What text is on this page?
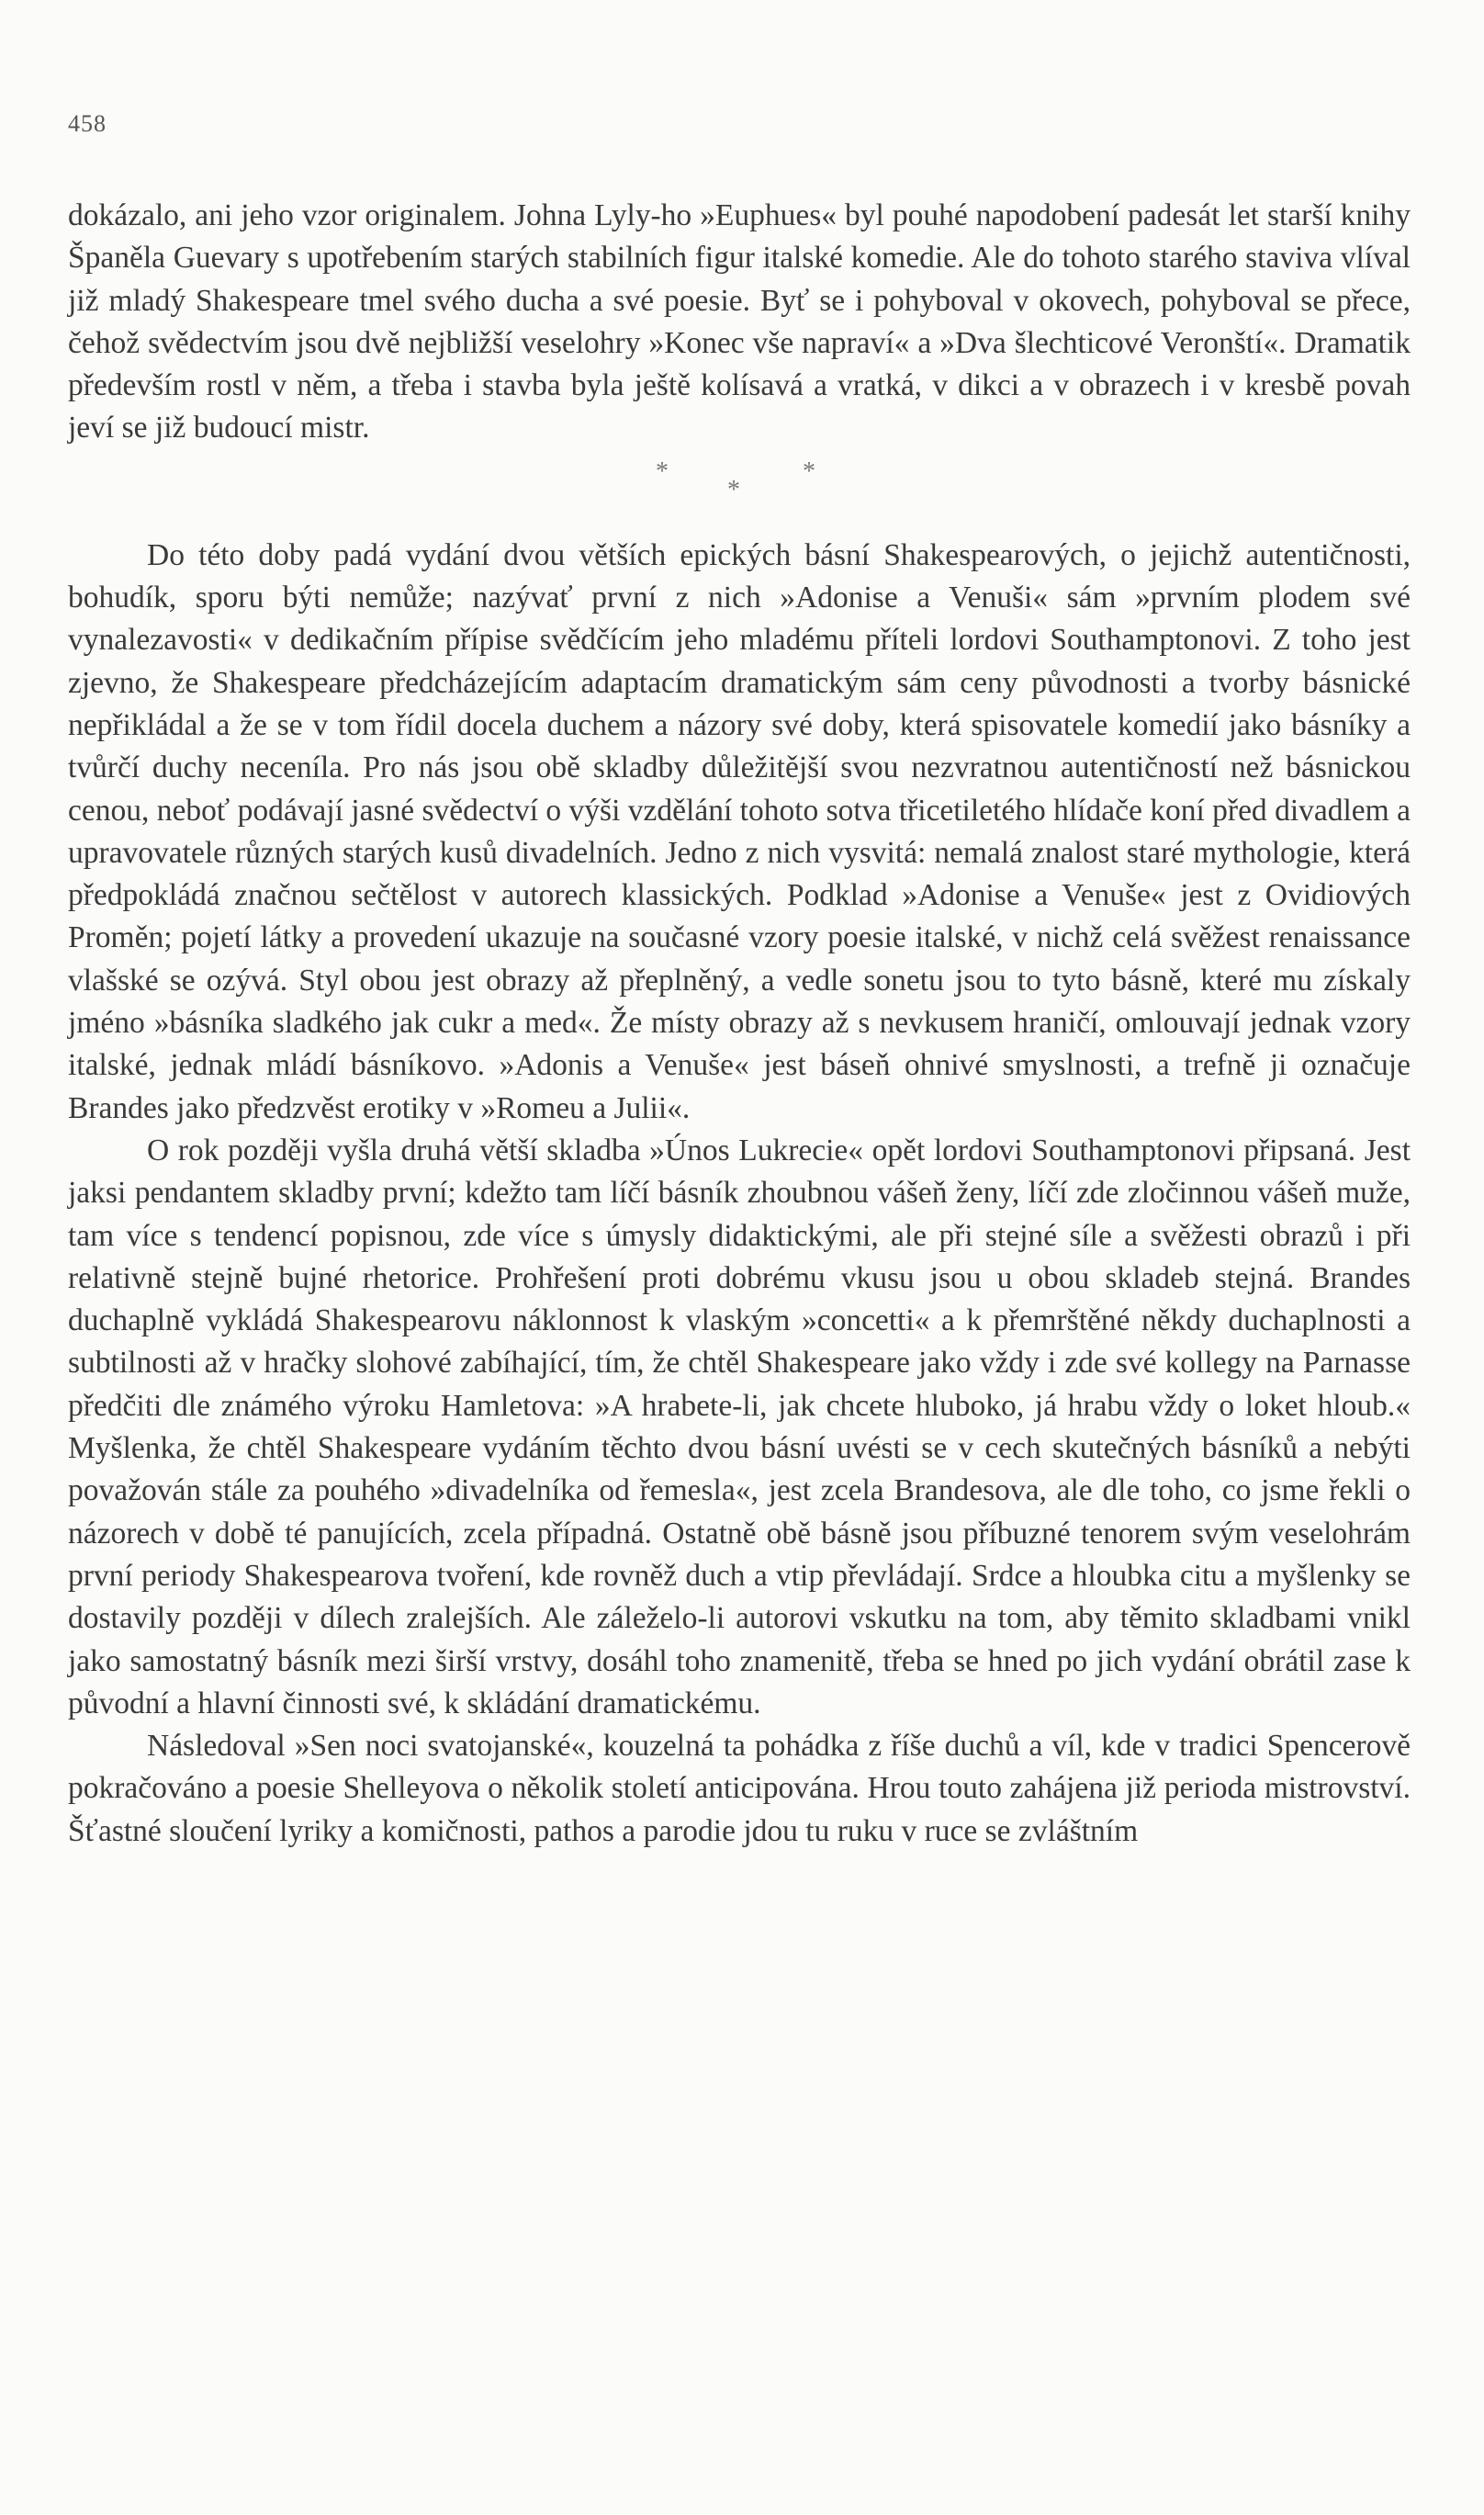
458

dokázalo, ani jeho vzor originalem. Johna Lyly-ho »Euphues« byl pouhé napodobení padesát let starší knihy Španěla Guevary s upotřebením starých stabilních figur italské komedie. Ale do tohoto starého staviva vlíval již mladý Shakespeare tmel svého ducha a své poesie. Byť se i pohyboval v okovech, pohyboval se přece, čehož svědectvím jsou dvě nejbližší veselohry »Konec vše napraví« a »Dva šlechticové Veronští«. Dramatik především rostl v něm, a třeba i stavba byla ještě kolísavá a vratká, v dikci a v obrazech i v kresbě povah jeví se již budoucí mistr.

*
*
*

Do této doby padá vydání dvou větších epických básní Shakespearových, o jejichž autentičnosti, bohudík, sporu býti nemůže; nazývať první z nich »Adonise a Venuši« sám »prvním plodem své vynalezavosti« v dedikačním přípise svědčícím jeho mladému příteli lordovi Southamptonovi. Z toho jest zjevno, že Shakespeare předcházejícím adaptacím dramatickým sám ceny původnosti a tvorby básnické nepřikládal a že se v tom řídil docela duchem a názory své doby, která spisovatele komedií jako básníky a tvůrčí duchy neceníla. Pro nás jsou obě skladby důležitější svou nezvratnou autentičností než básnickou cenou, neboť podávají jasné svědectví o výši vzdělání tohoto sotva třicetiletého hlídače koní před divadlem a upravovatele různých starých kusů divadelních. Jedno z nich vysvitá: nemalá znalost staré mythologie, která předpokládá značnou sečtělost v autorech klassických. Podklad »Adonise a Venuše« jest z Ovidiových Proměn; pojetí látky a provedení ukazuje na současné vzory poesie italské, v nichž celá svěžest renaissance vlašské se ozývá. Styl obou jest obrazy až přeplněný, a vedle sonetu jsou to tyto básně, které mu získaly jméno »básníka sladkého jak cukr a med«. Že místy obrazy až s nevkusem hraničí, omlouvají jednak vzory italské, jednak mládí básníkovo. »Adonis a Venuše« jest báseň ohnivé smyslnosti, a trefně ji označuje Brandes jako předzvěst erotiky v »Romeu a Julii«.

O rok později vyšla druhá větší skladba »Únos Lukrecie« opět lordovi Southamptonovi připsaná. Jest jaksi pendantem skladby první; kdežto tam líčí básník zhoubnou vášeň ženy, líčí zde zločinnou vášeň muže, tam více s tendencí popisnou, zde více s úmysly didaktickými, ale při stejné síle a svěžesti obrazů i při relativně stejně bujné rhetorice. Prohřešení proti dobrému vkusu jsou u obou skladeb stejná. Brandes duchaplně vykládá Shakespearovu náklonnost k vlaským »concetti« a k přemrštěné někdy duchaplnosti a subtilnosti až v hračky slohové zabíhající, tím, že chtěl Shakespeare jako vždy i zde své kollegy na Parnasse předčiti dle známého výroku Hamletova: »A hrabete-li, jak chcete hluboko, já hrabu vždy o loket hloub.« Myšlenka, že chtěl Shakespeare vydáním těchto dvou básní uvésti se v cech skutečných básníků a nebýti považován stále za pouhého »divadelníka od řemesla«, jest zcela Brandesova, ale dle toho, co jsme řekli o názorech v době té panujících, zcela případná. Ostatně obě básně jsou příbuzné tenorem svým veselohrám první periody Shakespearova tvoření, kde rovněž duch a vtip převládají. Srdce a hloubka citu a myšlenky se dostavily později v dílech zralejších. Ale záleželo-li autorovi vskutku na tom, aby těmito skladbami vnikl jako samostatný básník mezi širší vrstvy, dosáhl toho znamenitě, třeba se hned po jich vydání obrátil zase k původní a hlavní činnosti své, k skládání dramatickému.

Následoval »Sen noci svatojanské«, kouzelná ta pohádka z říše duchů a víl, kde v tradici Spencerově pokračováno a poesie Shelleyova o několik století anticipována. Hrou touto zahájena již perioda mistrovství. Šťastné sloučení lyriky a komičnosti, pathos a parodie jdou tu ruku v ruce se zvláštním
